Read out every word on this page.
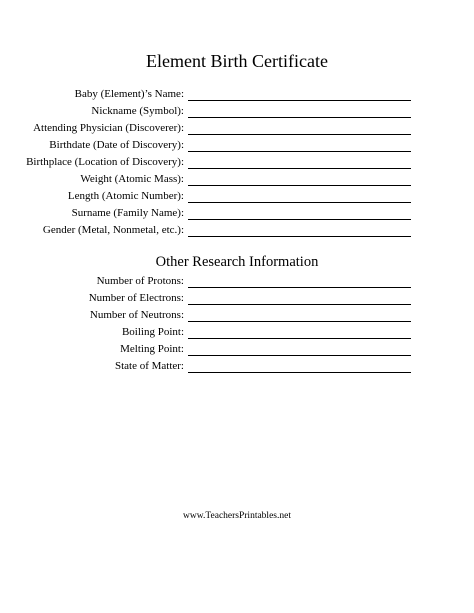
Element Birth Certificate
Baby (Element)’s Name:
Nickname (Symbol):
Attending Physician (Discoverer):
Birthdate (Date of Discovery):
Birthplace (Location of Discovery):
Weight (Atomic Mass):
Length (Atomic Number):
Surname (Family Name):
Gender (Metal, Nonmetal, etc.):
Other Research Information
Number of Protons:
Number of Electrons:
Number of Neutrons:
Boiling Point:
Melting Point:
State of Matter:
www.TeachersPrintables.net
